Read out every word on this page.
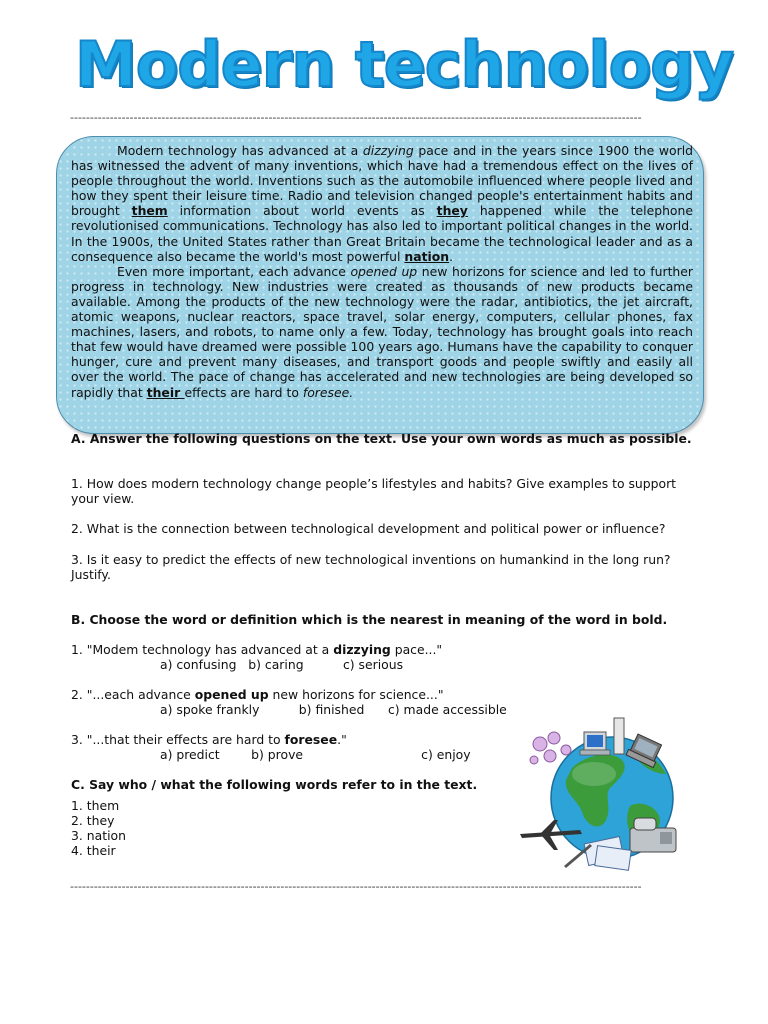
Modern technology
------------------------------------------------------------------------------------------------------------------------------------------------

Modern technology has advanced at a dizzying pace and in the years since 1900 the world has witnessed the advent of many inventions, which have had a tremendous effect on the lives of people throughout the world. Inventions such as the automobile influenced where people lived and how they spent their leisure time. Radio and television changed people's entertainment habits and brought them information about world events as they happened while the telephone revolutionised communications. Technology has also led to important political changes in the world. In the 1900s, the United States rather than Great Britain became the technological leader and as a consequence also became the world's most powerful nation.

Even more important, each advance opened up new horizons for science and led to further progress in technology. New industries were created as thousands of new products became available. Among the products of the new technology were the radar, antibiotics, the jet aircraft, atomic weapons, nuclear reactors, space travel, solar energy, computers, cellular phones, fax machines, lasers, and robots, to name only a few. Today, technology has brought goals into reach that few would have dreamed were possible 100 years ago. Humans have the capability to conquer hunger, cure and prevent many diseases, and transport goods and people swiftly and easily all over the world. The pace of change has accelerated and new technologies are being developed so rapidly that their effects are hard to foresee.

A. Answer the following questions on the text. Use your own words as much as possible.
1. How does modern technology change people’s lifestyles and habits? Give examples to support your view.
2. What is the connection between technological development and political power or influence?
3. Is it easy to predict the effects of new technological inventions on humankind in the long run? Justify.
B. Choose the word or definition which is the nearest in meaning of the word in bold.
1. "Modem technology has advanced at a dizzying pace..."
a) confusing   b) caring          c) serious
2. "...each advance opened up new horizons for science..."
a) spoke frankly          b) finished      c) made accessible
3. "...that their effects are hard to foresee."
a) predict        b) prove                              c) enjoy
C. Say who / what the following words refer to in the text.
1. them
2. they
3. nation
4. their
------------------------------------------------------------------------------------------------------------------------------------------------
